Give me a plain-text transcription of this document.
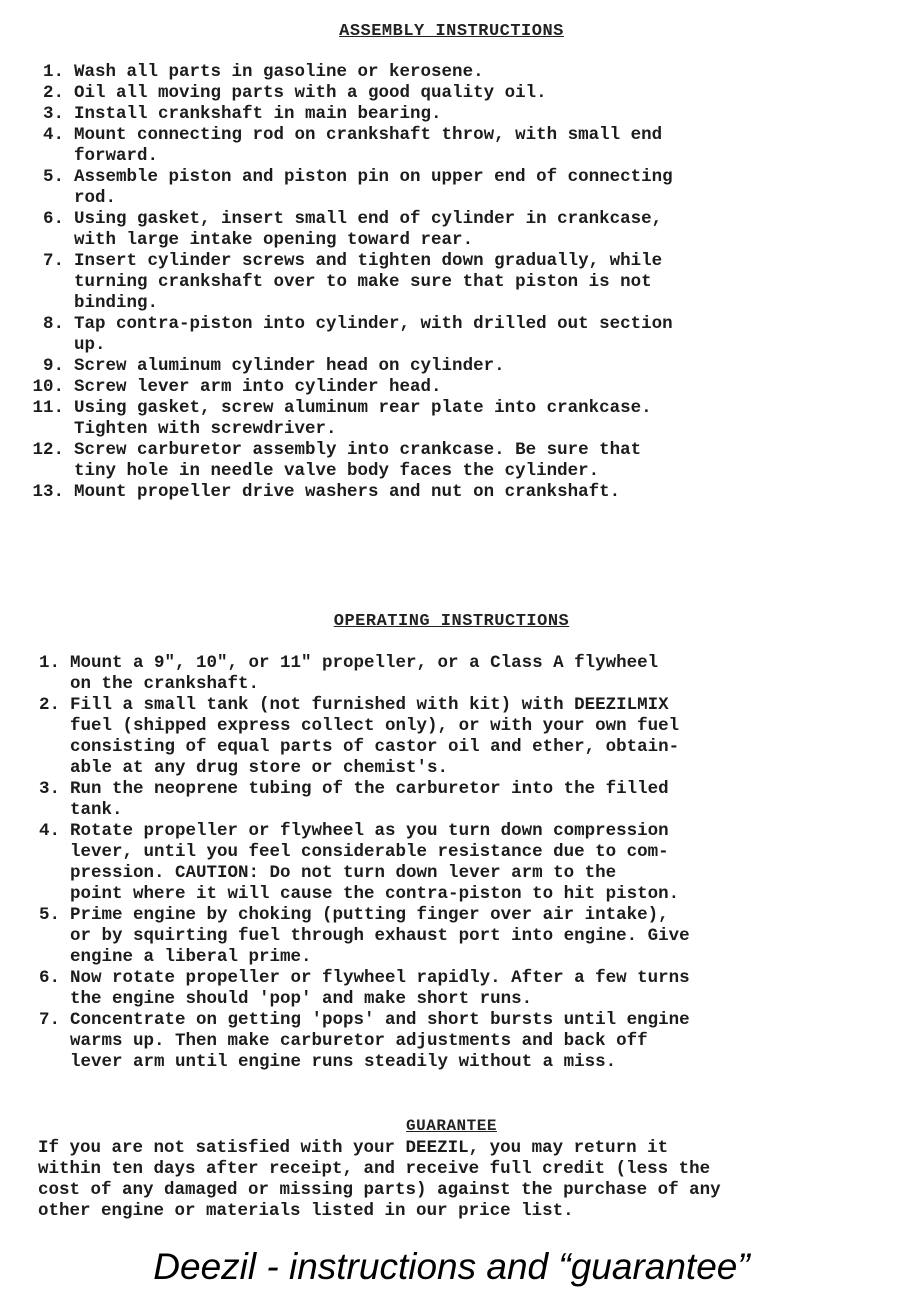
ASSEMBLY INSTRUCTIONS
1. Wash all parts in gasoline or kerosene.
2. Oil all moving parts with a good quality oil.
3. Install crankshaft in main bearing.
4. Mount connecting rod on crankshaft throw, with small end
forward.
5. Assemble piston and piston pin on upper end of connecting
rod.
6. Using gasket, insert small end of cylinder in crankcase,
with large intake opening toward rear.
7. Insert cylinder screws and tighten down gradually, while
turning crankshaft over to make sure that piston is not
binding.
8. Tap contra-piston into cylinder, with drilled out section
up.
9. Screw aluminum cylinder head on cylinder.
10. Screw lever arm into cylinder head.
11. Using gasket, screw aluminum rear plate into crankcase.
Tighten with screwdriver.
12. Screw carburetor assembly into crankcase. Be sure that
tiny hole in needle valve body faces the cylinder.
13. Mount propeller drive washers and nut on crankshaft.
OPERATING INSTRUCTIONS
1. Mount a 9", 10", or 11" propeller, or a Class A flywheel
on the crankshaft.
2. Fill a small tank (not furnished with kit) with DEEZILMIX
fuel (shipped express collect only), or with your own fuel
consisting of equal parts of castor oil and ether, obtain-
able at any drug store or chemist's.
3. Run the neoprene tubing of the carburetor into the filled
tank.
4. Rotate propeller or flywheel as you turn down compression
lever, until you feel considerable resistance due to com-
pression. CAUTION: Do not turn down lever arm to the
point where it will cause the contra-piston to hit piston.
5. Prime engine by choking (putting finger over air intake),
or by squirting fuel through exhaust port into engine. Give
engine a liberal prime.
6. Now rotate propeller or flywheel rapidly. After a few turns
the engine should 'pop' and make short runs.
7. Concentrate on getting 'pops' and short bursts until engine
warms up. Then make carburetor adjustments and back off
lever arm until engine runs steadily without a miss.
GUARANTEE

If you are not satisfied with your DEEZIL, you may return it
within ten days after receipt, and receive full credit (less the
cost of any damaged or missing parts) against the purchase of any
other engine or materials listed in our price list.

Deezil - instructions and “guarantee”
